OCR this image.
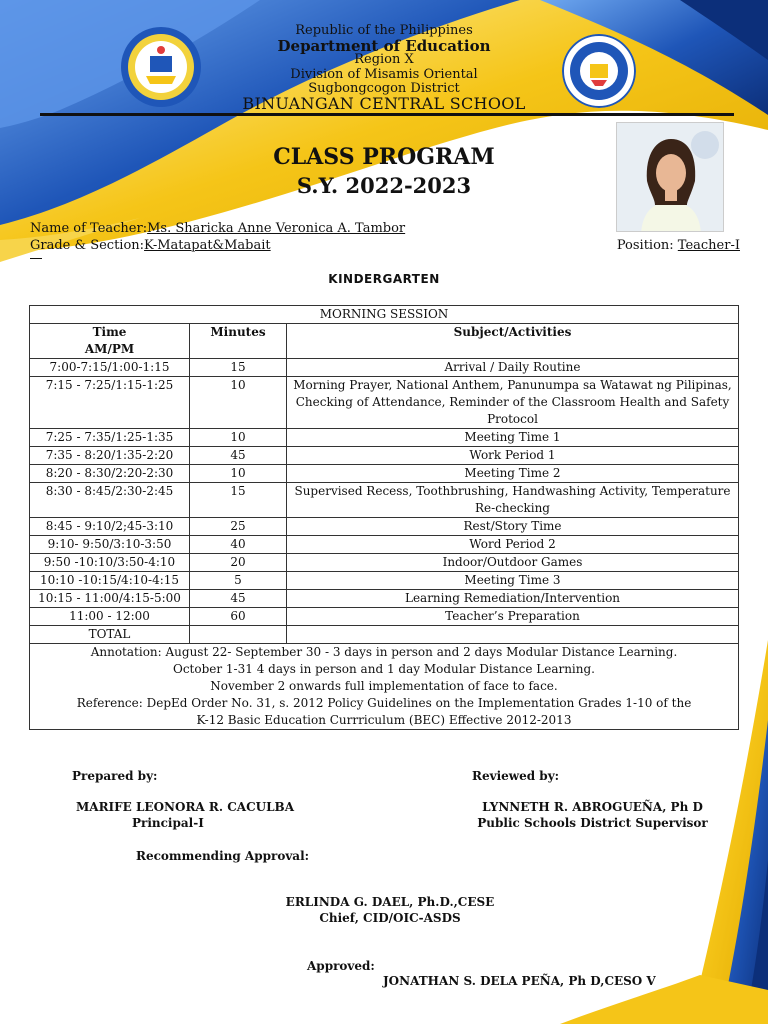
Republic of the Philippines
Department of Education
Region X
Division of Misamis Oriental
Sugbongcogon District
BINUANGAN CENTRAL SCHOOL
CLASS PROGRAM
S.Y. 2022-2023
Name of Teacher:Ms. Sharicka Anne Veronica A. Tambor
Grade & Section:K-Matapat&Mabait	Position: Teacher-I
KINDERGARTEN
MORNING SESSION		

Time
AM/PM	Minutes	Subject/Activities
7:00-7:15/1:00-1:15	15	Arrival / Daily Routine
7:15 - 7:25/1:15-1:25	10	Morning Prayer, National Anthem, Panunumpa sa Watawat ng Pilipinas, Checking of Attendance, Reminder of the Classroom Health and Safety Protocol
7:25 - 7:35/1:25-1:35	10	Meeting Time 1
7:35 - 8:20/1:35-2:20	45	Work Period 1
8:20 - 8:30/2:20-2:30	10	Meeting Time 2
8:30 - 8:45/2:30-2:45	15	Supervised Recess, Toothbrushing, Handwashing Activity, Temperature Re-checking
8:45 - 9:10/2;45-3:10	25	Rest/Story Time
9:10- 9:50/3:10-3:50	40	Word Period 2
9:50 -10:10/3:50-4:10	20	Indoor/Outdoor Games
10:10 -10:15/4:10-4:15	5	Meeting Time 3
10:15 - 11:00/4:15-5:00	45	Learning Remediation/Intervention
11:00 - 12:00	60	Teacher’s Preparation
TOTAL		

Annotation: August 22- September 30 - 3 days in person and 2 days Modular Distance Learning.
October 1-31 4 days in person and 1 day Modular Distance Learning.
November 2 onwards full implementation of face to face.
Reference: DepEd Order No. 31, s. 2012 Policy Guidelines on the Implementation Grades 1-10 of the
K-12 Basic Education Currriculum (BEC) Effective 2012-2013		
Prepared by:	Reviewed by:
MARIFE LEONORA R. CACULBA
Principal-I
LYNNETH R. ABROGUEÑA, Ph D
Public Schools District Supervisor
Recommending Approval:
ERLINDA G. DAEL, Ph.D.,CESE
Chief, CID/OIC-ASDS
Approved:
JONATHAN S. DELA PEÑA, Ph D,CESO V
